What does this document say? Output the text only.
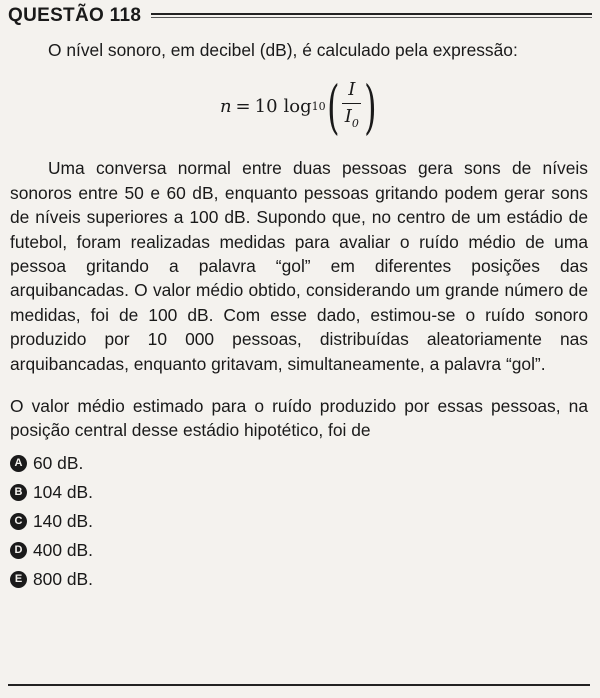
QUESTÃO 118

O nível sonoro, em decibel (dB), é calculado pela expressão:

n = 10 log 10 ( $\frac{I}{I_0}$ )

Uma conversa normal entre duas pessoas gera sons de níveis sonoros entre 50 e 60 dB, enquanto pessoas gritando podem gerar sons de níveis superiores a 100 dB. Supondo que, no centro de um estádio de futebol, foram realizadas medidas para avaliar o ruído médio de uma pessoa gritando a palavra “gol” em diferentes posições das arquibancadas. O valor médio obtido, considerando um grande número de medidas, foi de 100 dB. Com esse dado, estimou-se o ruído sonoro produzido por 10 000 pessoas, distribuídas aleatoriamente nas arquibancadas, enquanto gritavam, simultaneamente, a palavra “gol”.

O valor médio estimado para o ruído produzido por essas pessoas, na posição central desse estádio hipotético, foi de

A 60 dB.
B 104 dB.
C 140 dB.
D 400 dB.
E 800 dB.
